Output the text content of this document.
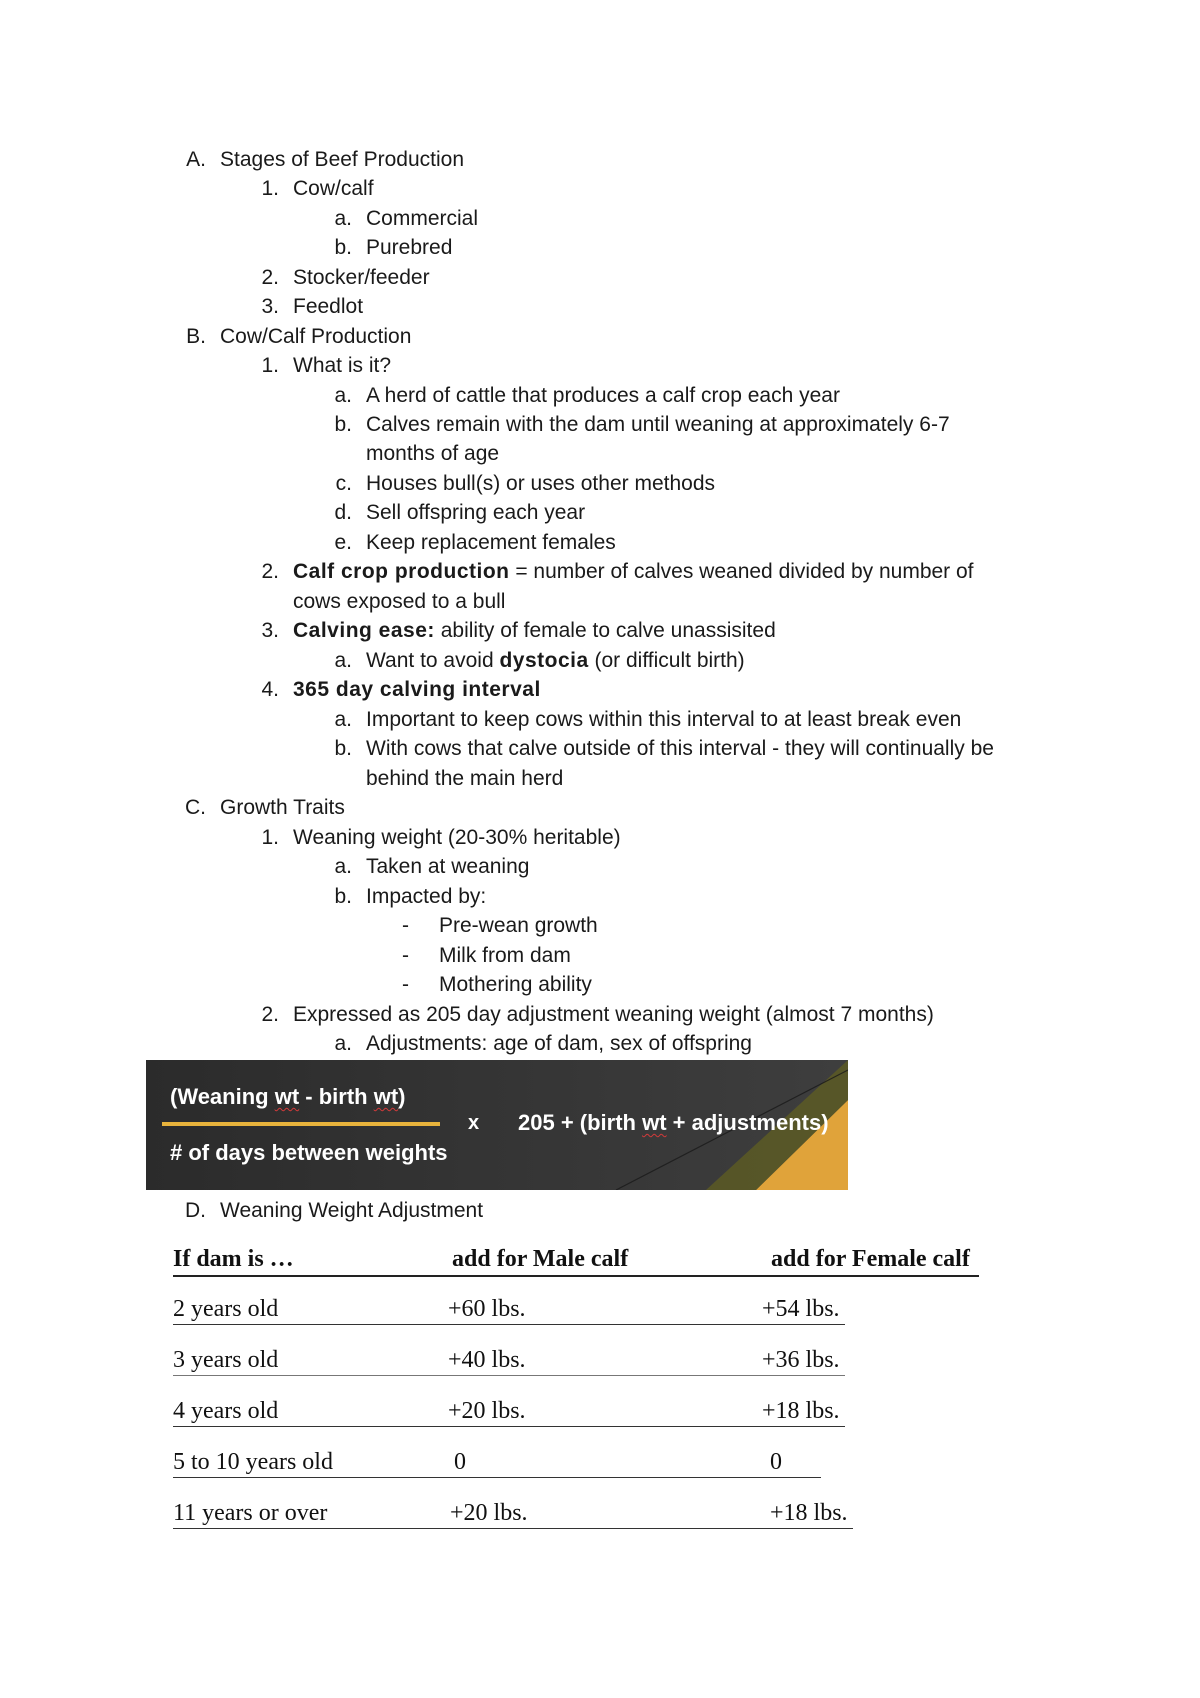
A. Stages of Beef Production
1. Cow/calf
a. Commercial
b. Purebred
2. Stocker/feeder
3. Feedlot
B. Cow/Calf Production
1. What is it?
a. A herd of cattle that produces a calf crop each year
b. Calves remain with the dam until weaning at approximately 6-7
months of age
c. Houses bull(s) or uses other methods
d. Sell offspring each year
e. Keep replacement females
2. Calf crop production = number of calves weaned divided by number of
cows exposed to a bull
3. Calving ease: ability of female to calve unassisited
a. Want to avoid dystocia (or difficult birth)
4. 365 day calving interval
a. Important to keep cows within this interval to at least break even
b. With cows that calve outside of this interval - they will continually be
behind the main herd
C. Growth Traits
1. Weaning weight (20-30% heritable)
a. Taken at weaning
b. Impacted by:
- Pre-wean growth
- Milk from dam
- Mothering ability
2. Expressed as 205 day adjustment weaning weight (almost 7 months)
a. Adjustments: age of dam, sex of offspring
(Weaning wt - birth wt)
# of days between weights
x 205 + (birth wt + adjustments)
D. Weaning Weight Adjustment
If dam is …	add for Male calf	add for Female calf
2 years old	+60 lbs.	+54 lbs.
3 years old	+40 lbs.	+36 lbs.
4 years old	+20 lbs.	+18 lbs.
5 to 10 years old	0	0
11 years or over	+20 lbs.	+18 lbs.
